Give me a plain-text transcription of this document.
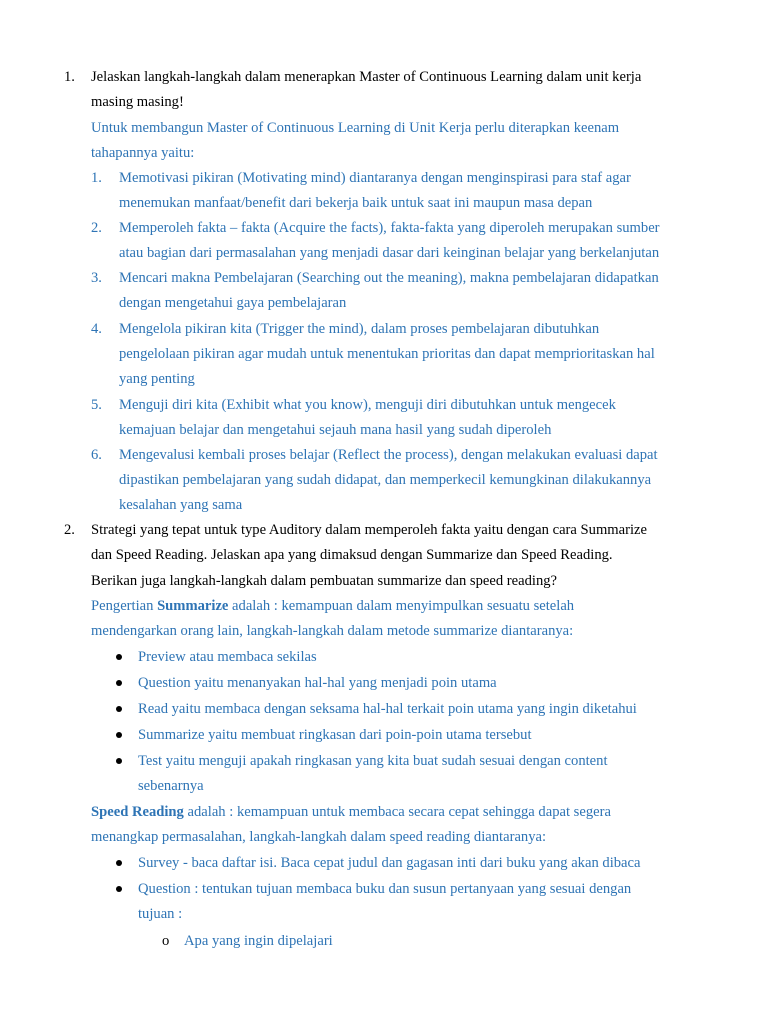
1. Jelaskan langkah-langkah dalam menerapkan Master of Continuous Learning dalam unit kerja
masing masing!
Untuk membangun Master of Continuous Learning di Unit Kerja perlu diterapkan keenam
tahapannya yaitu:
1. Memotivasi pikiran (Motivating mind) diantaranya dengan menginspirasi para staf agar
menemukan manfaat/benefit dari bekerja baik untuk saat ini maupun masa depan
2. Memperoleh fakta – fakta (Acquire the facts), fakta-fakta yang diperoleh merupakan sumber
atau bagian dari permasalahan yang menjadi dasar dari keinginan belajar yang berkelanjutan
3. Mencari makna Pembelajaran (Searching out the meaning), makna pembelajaran didapatkan
dengan mengetahui gaya pembelajaran
4. Mengelola pikiran kita (Trigger the mind), dalam proses pembelajaran dibutuhkan
pengelolaan pikiran agar mudah untuk menentukan prioritas dan dapat memprioritaskan hal
yang penting
5. Menguji diri kita (Exhibit what you know), menguji diri dibutuhkan untuk mengecek
kemajuan belajar dan mengetahui sejauh mana hasil yang sudah diperoleh
6. Mengevalusi kembali proses belajar (Reflect the process), dengan melakukan evaluasi dapat
dipastikan pembelajaran yang sudah didapat, dan memperkecil kemungkinan dilakukannya
kesalahan yang sama
2. Strategi yang tepat untuk type Auditory dalam memperoleh fakta yaitu dengan cara Summarize
dan Speed Reading. Jelaskan apa yang dimaksud dengan Summarize dan Speed Reading.
Berikan juga langkah-langkah dalam pembuatan summarize dan speed reading?
Pengertian Summarize adalah : kemampuan dalam menyimpulkan sesuatu setelah
mendengarkan orang lain, langkah-langkah dalam metode summarize diantaranya:
Preview atau membaca sekilas
Question yaitu menanyakan hal-hal yang menjadi poin utama
Read yaitu membaca dengan seksama hal-hal terkait poin utama yang ingin diketahui
Summarize yaitu membuat ringkasan dari poin-poin utama tersebut
Test yaitu menguji apakah ringkasan yang kita buat sudah sesuai dengan content
sebenarnya
Speed Reading adalah : kemampuan untuk membaca secara cepat sehingga dapat segera
menangkap permasalahan, langkah-langkah dalam speed reading diantaranya:
Survey - baca daftar isi. Baca cepat judul dan gagasan inti dari buku yang akan dibaca
Question : tentukan tujuan membaca buku dan susun pertanyaan yang sesuai dengan
tujuan :
o Apa yang ingin dipelajari
